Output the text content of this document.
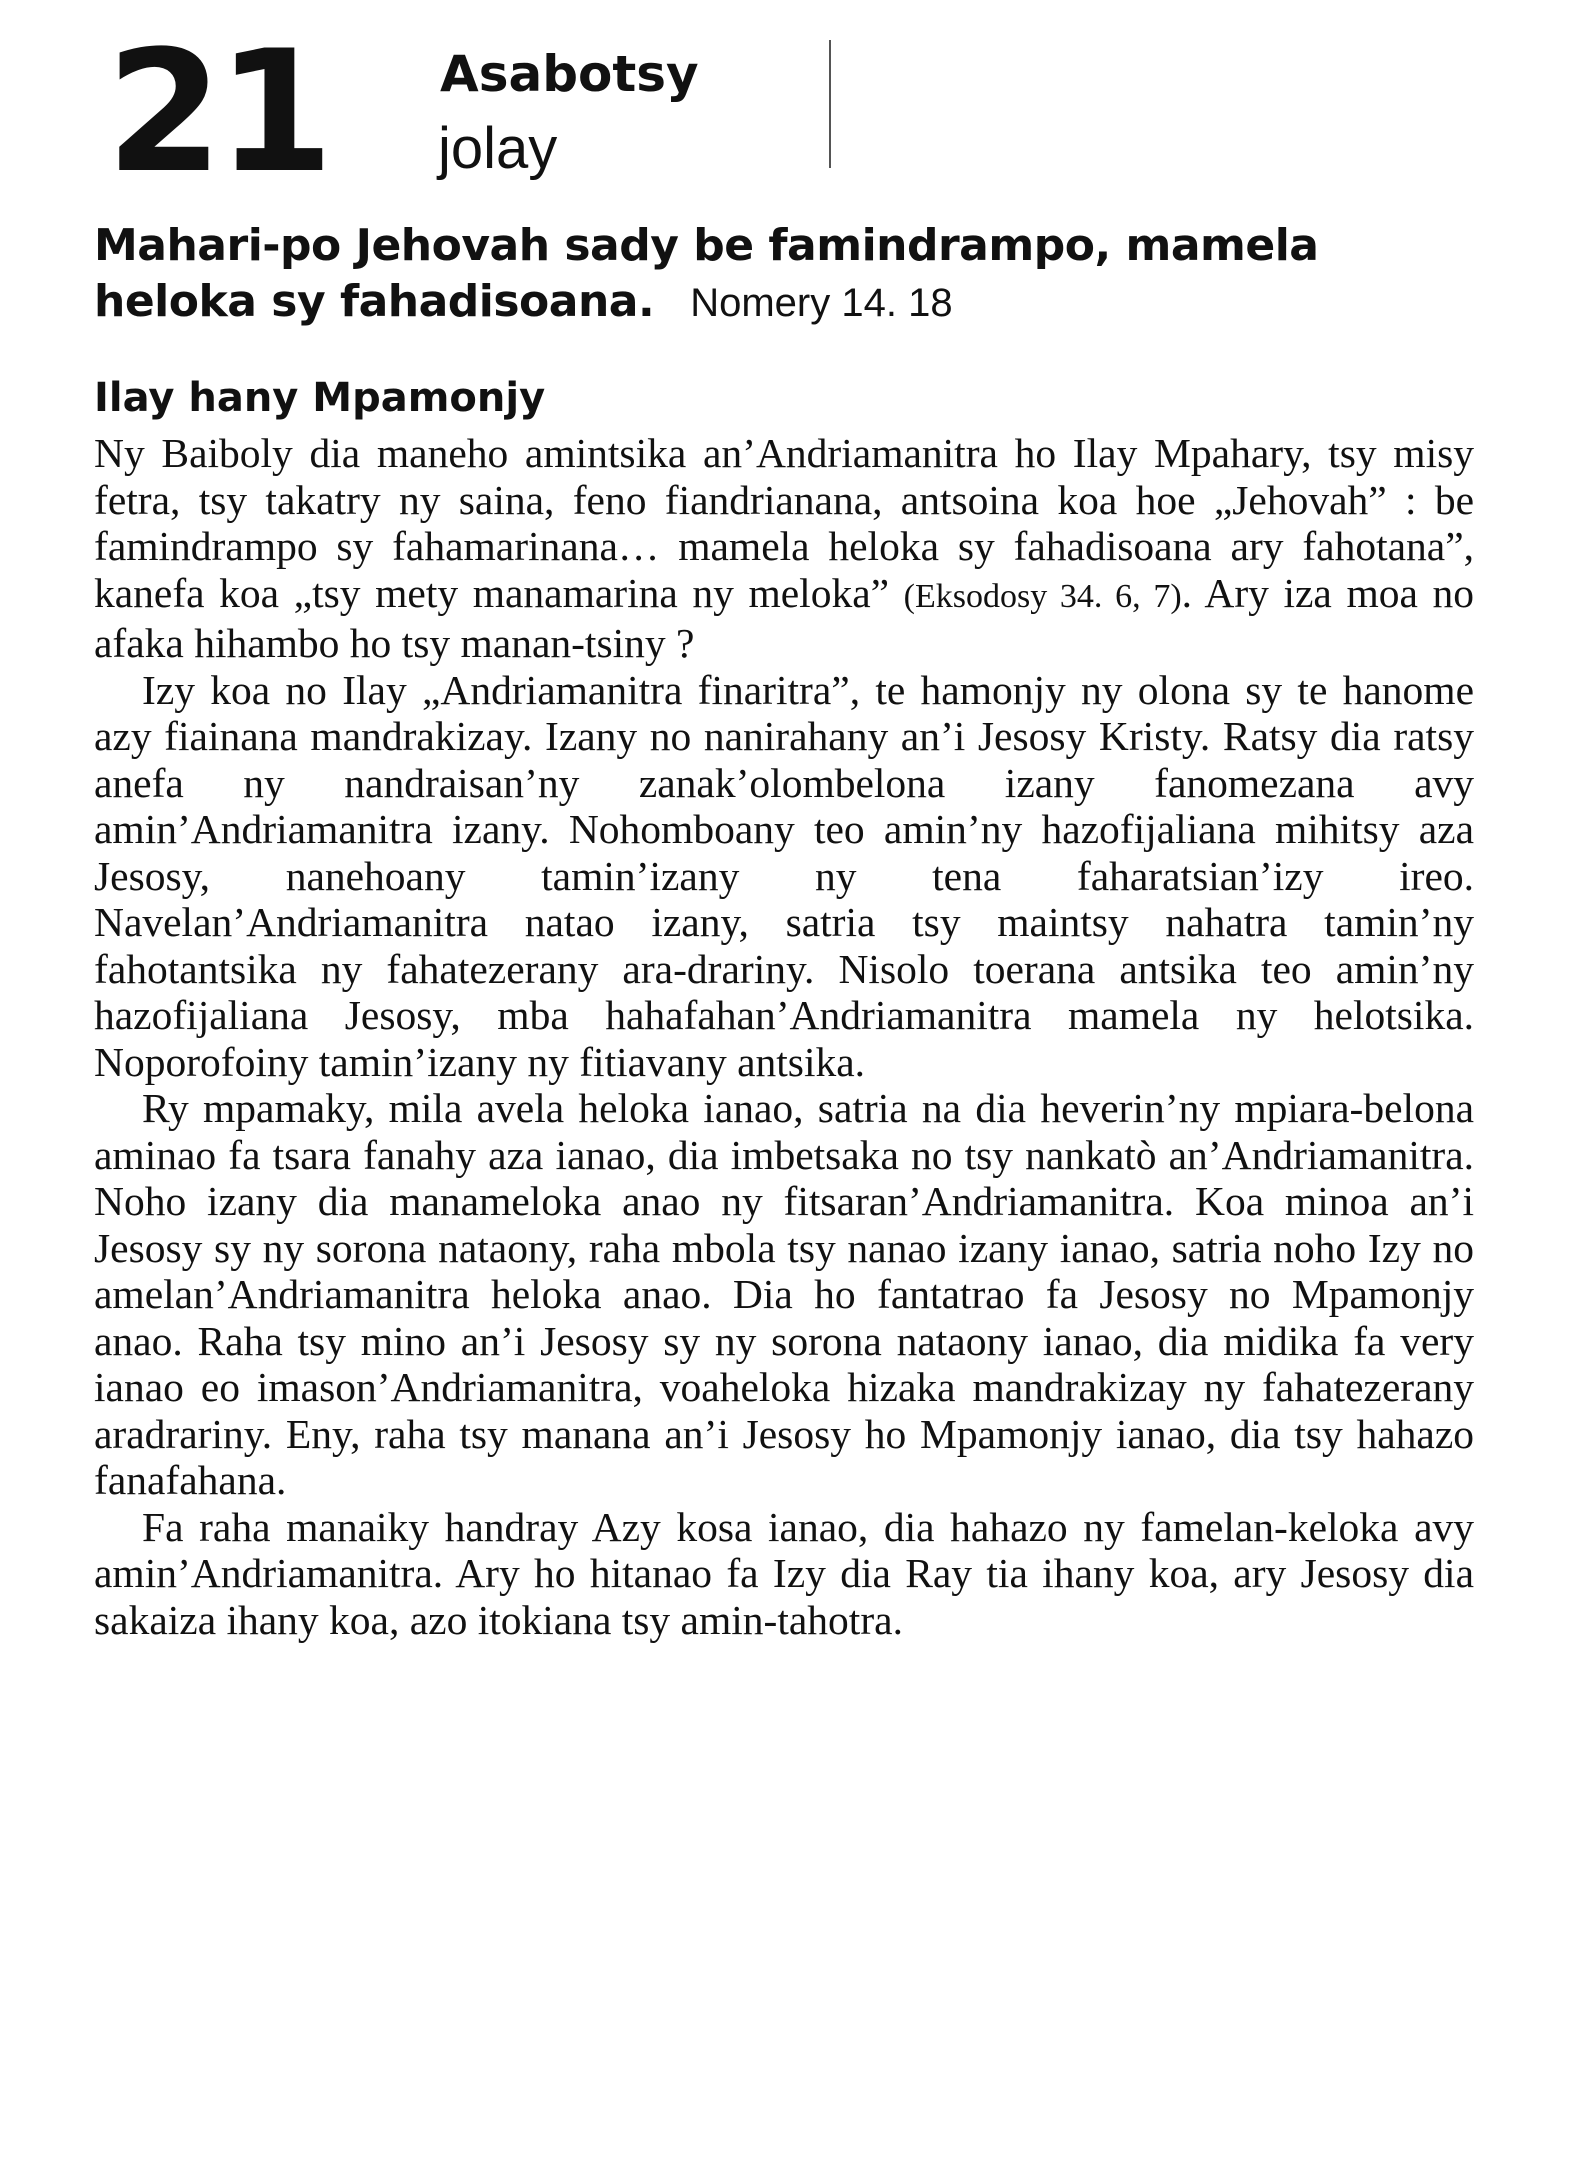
21 Asabotsy
jolay
Mahari-po Jehovah sady be famindrampo, mamela heloka sy fahadisoana. Nomery 14. 18
Ilay hany Mpamonjy

Ny Baiboly dia maneho amintsika an’Andriamanitra ho Ilay Mpahary, tsy misy fetra, tsy takatry ny saina, feno fiandrianana, antsoina koa hoe „Jehovah” : be famindrampo sy fahamarinana… mamela heloka sy fahadisoana ary fahotana”, kanefa koa „tsy mety manamarina ny meloka” (Eksodosy 34. 6, 7). Ary iza moa no afaka hihambo ho tsy manan-tsiny ?

Izy koa no Ilay „Andriamanitra finaritra”, te hamonjy ny olona sy te hanome azy fiainana mandrakizay. Izany no nanirahany an’i Jesosy Kristy. Ratsy dia ratsy anefa ny nandraisan’ny zanak’olombelona izany fanomezana avy amin’Andriamanitra izany. Nohomboany teo amin’ny hazofijaliana mihitsy aza Jesosy, nanehoany tamin’izany ny tena faharatsian’izy ireo. Navelan’Andriamanitra natao izany, satria tsy maintsy nahatra tamin’ny fahotantsika ny fahatezerany ara-drariny. Nisolo toerana antsika teo amin’ny hazofijaliana Jesosy, mba hahafahan’Andriamanitra mamela ny helotsika. Noporofoiny tamin’izany ny fitiavany antsika.

Ry mpamaky, mila avela heloka ianao, satria na dia heverin’ny mpiara-belona aminao fa tsara fanahy aza ianao, dia imbetsaka no tsy nankatò an’Andriamanitra. Noho izany dia manameloka anao ny fitsaran’Andriamanitra. Koa minoa an’i Jesosy sy ny sorona nataony, raha mbola tsy nanao izany ianao, satria noho Izy no amelan’Andriamanitra heloka anao. Dia ho fantatrao fa Jesosy no Mpamonjy anao. Raha tsy mino an’i Jesosy sy ny sorona nataony ianao, dia midika fa very ianao eo imason’Andriamanitra, voaheloka hizaka mandrakizay ny fahatezerany aradrariny. Eny, raha tsy manana an’i Jesosy ho Mpamonjy ianao, dia tsy hahazo fanafahana.

Fa raha manaiky handray Azy kosa ianao, dia hahazo ny famelan-keloka avy amin’Andriamanitra. Ary ho hitanao fa Izy dia Ray tia ihany koa, ary Jesosy dia sakaiza ihany koa, azo itokiana tsy amin-tahotra.
